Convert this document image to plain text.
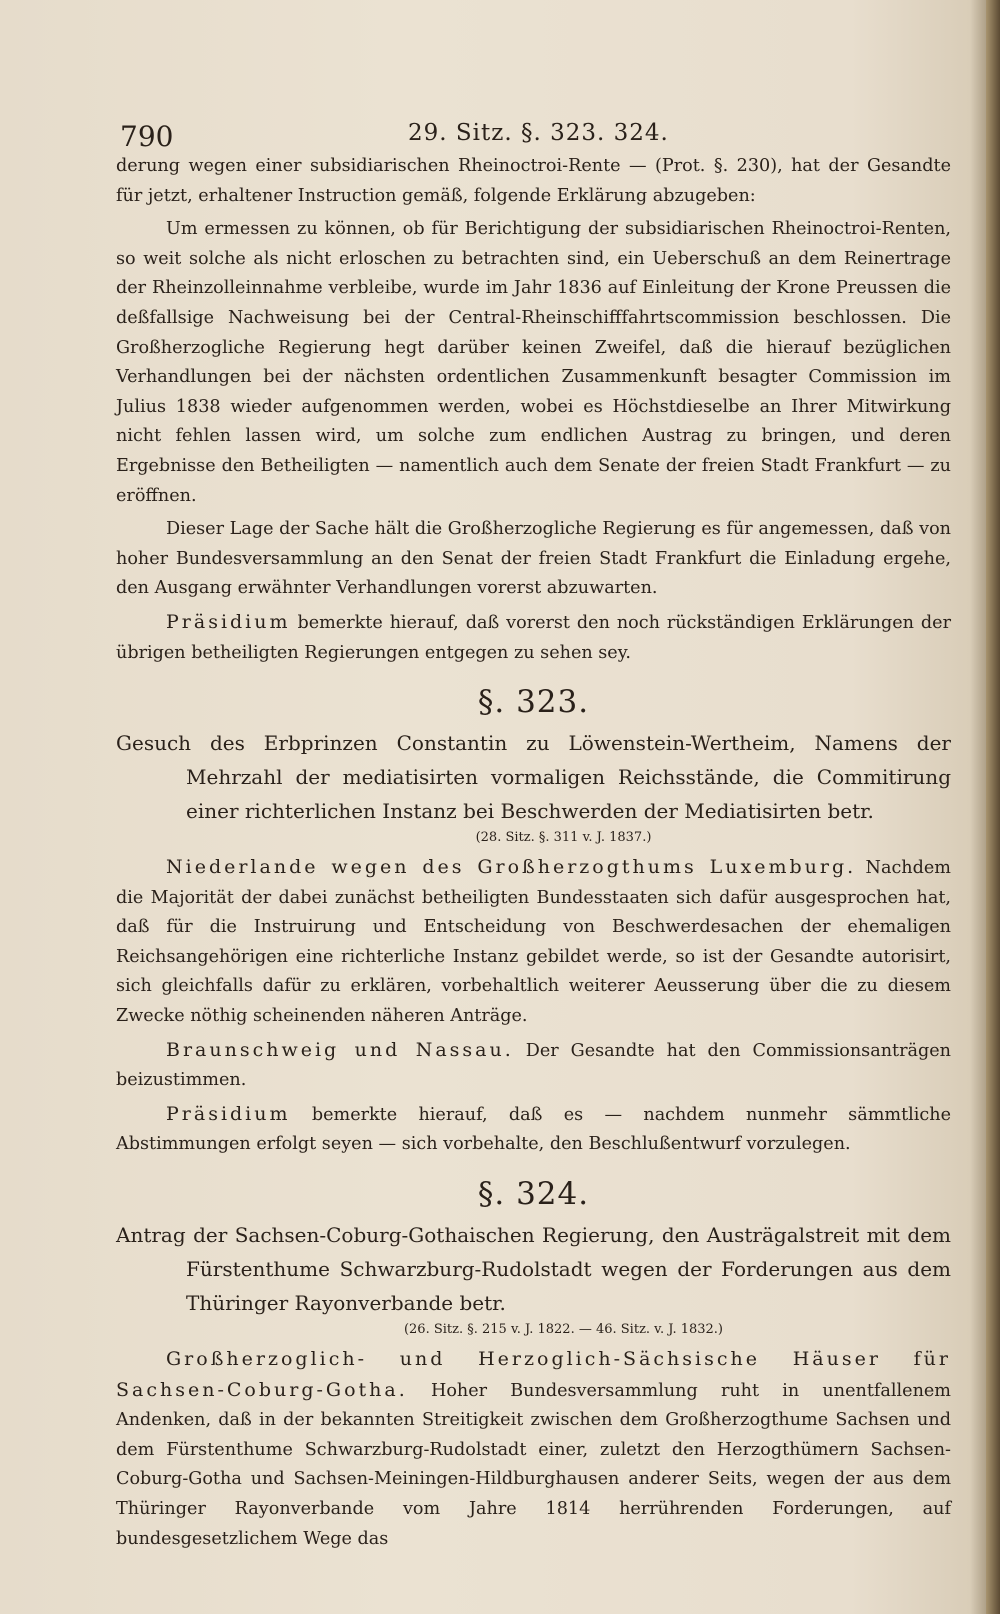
790	29. Sitz. §. 323. 324.

derung wegen einer subsidiarischen Rheinoctroi-Rente — (Prot. §. 230), hat der Gesandte für jetzt, erhaltener Instruction gemäß, folgende Erklärung abzugeben:

Um ermessen zu können, ob für Berichtigung der subsidiarischen Rheinoctroi-Renten, so weit solche als nicht erloschen zu betrachten sind, ein Ueberschuß an dem Reinertrage der Rheinzolleinnahme verbleibe, wurde im Jahr 1836 auf Einleitung der Krone Preussen die deßfallsige Nachweisung bei der Central-Rheinschifffahrtscommission beschlossen. Die Großherzogliche Regierung hegt darüber keinen Zweifel, daß die hierauf bezüglichen Verhandlungen bei der nächsten ordentlichen Zusammenkunft besagter Commission im Julius 1838 wieder aufgenommen werden, wobei es Höchstdieselbe an Ihrer Mitwirkung nicht fehlen lassen wird, um solche zum endlichen Austrag zu bringen, und deren Ergebnisse den Betheiligten — namentlich auch dem Senate der freien Stadt Frankfurt — zu eröffnen.

Dieser Lage der Sache hält die Großherzogliche Regierung es für angemessen, daß von hoher Bundesversammlung an den Senat der freien Stadt Frankfurt die Einladung ergehe, den Ausgang erwähnter Verhandlungen vorerst abzuwarten.

Präsidium bemerkte hierauf, daß vorerst den noch rückständigen Erklärungen der übrigen betheiligten Regierungen entgegen zu sehen sey.

§. 323.
Gesuch des Erbprinzen Constantin zu Löwenstein-Wertheim, Namens der Mehrzahl der mediatisirten vormaligen Reichsstände, die Commitirung einer richterlichen Instanz bei Beschwerden der Mediatisirten betr.
(28. Sitz. §. 311 v. J. 1837.)

Niederlande wegen des Großherzogthums Luxemburg. Nachdem die Majorität der dabei zunächst betheiligten Bundesstaaten sich dafür ausgesprochen hat, daß für die Instruirung und Entscheidung von Beschwerdesachen der ehemaligen Reichsangehörigen eine richterliche Instanz gebildet werde, so ist der Gesandte autorisirt, sich gleichfalls dafür zu erklären, vorbehaltlich weiterer Aeusserung über die zu diesem Zwecke nöthig scheinenden näheren Anträge.

Braunschweig und Nassau. Der Gesandte hat den Commissionsanträgen beizustimmen.

Präsidium bemerkte hierauf, daß es — nachdem nunmehr sämmtliche Abstimmungen erfolgt seyen — sich vorbehalte, den Beschlußentwurf vorzulegen.

§. 324.
Antrag der Sachsen-Coburg-Gothaischen Regierung, den Austrägalstreit mit dem Fürstenthume Schwarzburg-Rudolstadt wegen der Forderungen aus dem Thüringer Rayonverbande betr.
(26. Sitz. §. 215 v. J. 1822. — 46. Sitz. v. J. 1832.)

Großherzoglich- und Herzoglich-Sächsische Häuser für Sachsen-Coburg-Gotha. Hoher Bundesversammlung ruht in unentfallenem Andenken, daß in der bekannten Streitigkeit zwischen dem Großherzogthume Sachsen und dem Fürstenthume Schwarzburg-Rudolstadt einer, zuletzt den Herzogthümern Sachsen-Coburg-Gotha und Sachsen-Meiningen-Hildburghausen anderer Seits, wegen der aus dem Thüringer Rayonverbande vom Jahre 1814 herrührenden Forderungen, auf bundesgesetzlichem Wege das
